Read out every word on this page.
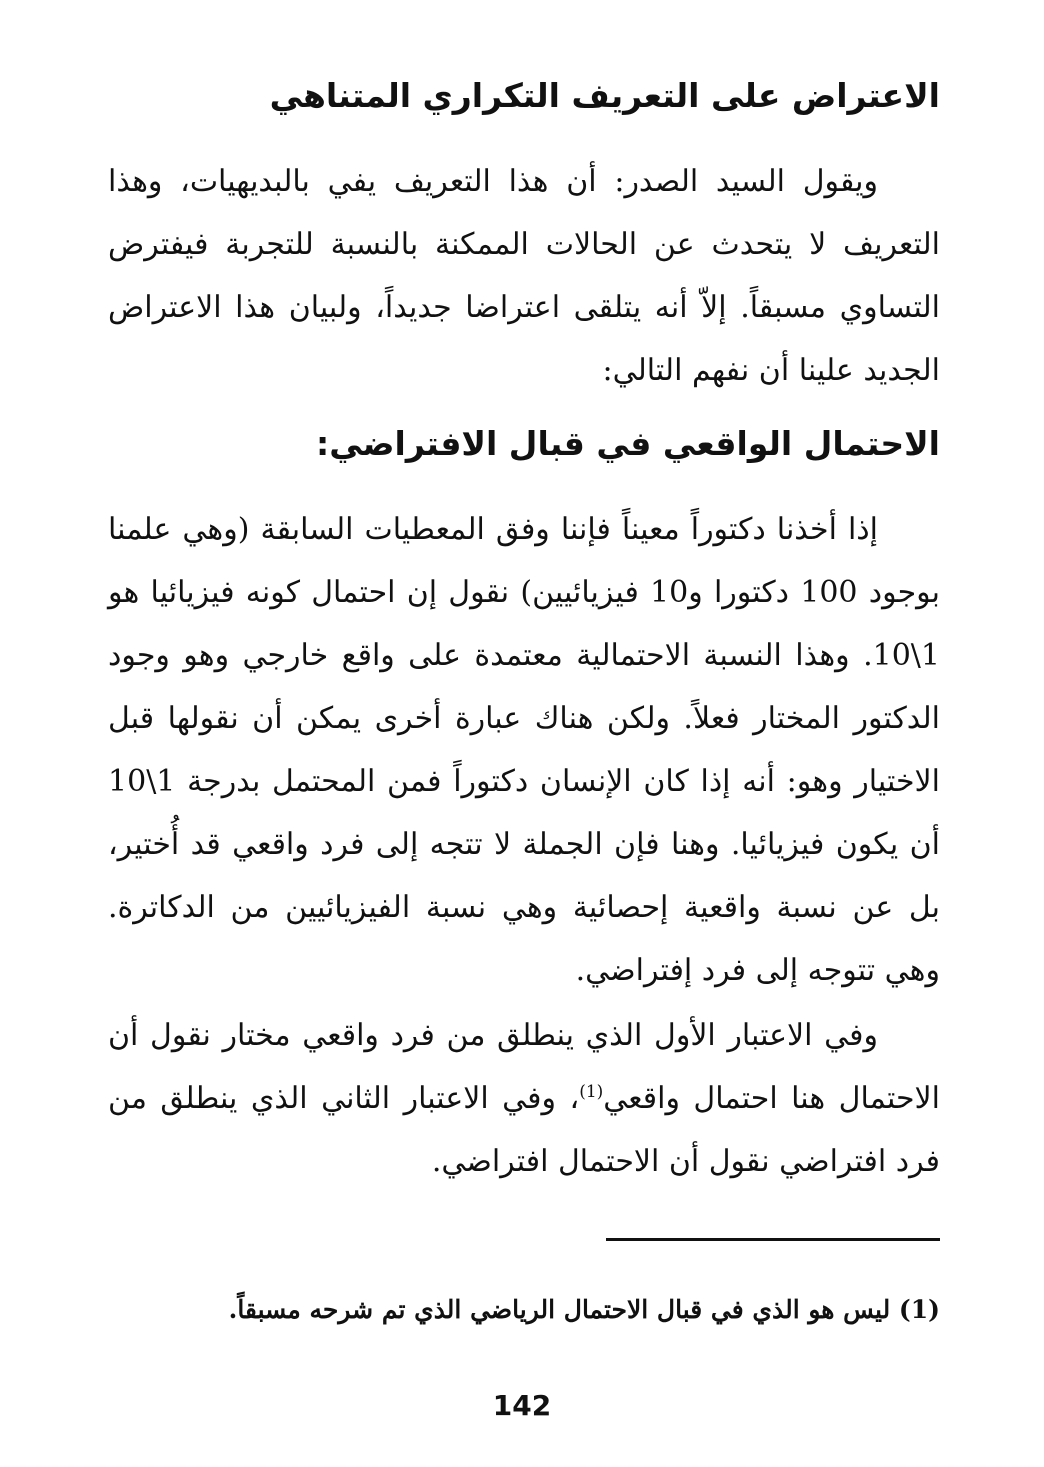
الاعتراض على التعريف التكراري المتناهي

ويقول السيد الصدر: أن هذا التعريف يفي بالبديهيات، وهذا التعريف لا يتحدث عن الحالات الممكنة بالنسبة للتجربة فيفترض التساوي مسبقاً. إلاّ أنه يتلقى اعتراضا جديداً، ولبيان هذا الاعتراض الجديد علينا أن نفهم التالي:

الاحتمال الواقعي في قبال الافتراضي:

إذا أخذنا دكتوراً معيناً فإننا وفق المعطيات السابقة (وهي علمنا بوجود 100 دكتورا و10 فيزيائيين) نقول إن احتمال كونه فيزيائيا هو 1\10. وهذا النسبة الاحتمالية معتمدة على واقع خارجي وهو وجود الدكتور المختار فعلاً. ولكن هناك عبارة أخرى يمكن أن نقولها قبل الاختيار وهو: أنه إذا كان الإنسان دكتوراً فمن المحتمل بدرجة 1\10 أن يكون فيزيائيا. وهنا فإن الجملة لا تتجه إلى فرد واقعي قد أُختير، بل عن نسبة واقعية إحصائية وهي نسبة الفيزيائيين من الدكاترة. وهي تتوجه إلى فرد إفتراضي.

وفي الاعتبار الأول الذي ينطلق من فرد واقعي مختار نقول أن الاحتمال هنا احتمال واقعي$^{(1)}$، وفي الاعتبار الثاني الذي ينطلق من فرد افتراضي نقول أن الاحتمال افتراضي.

(1) ليس هو الذي في قبال الاحتمال الرياضي الذي تم شرحه مسبقاً.

142
